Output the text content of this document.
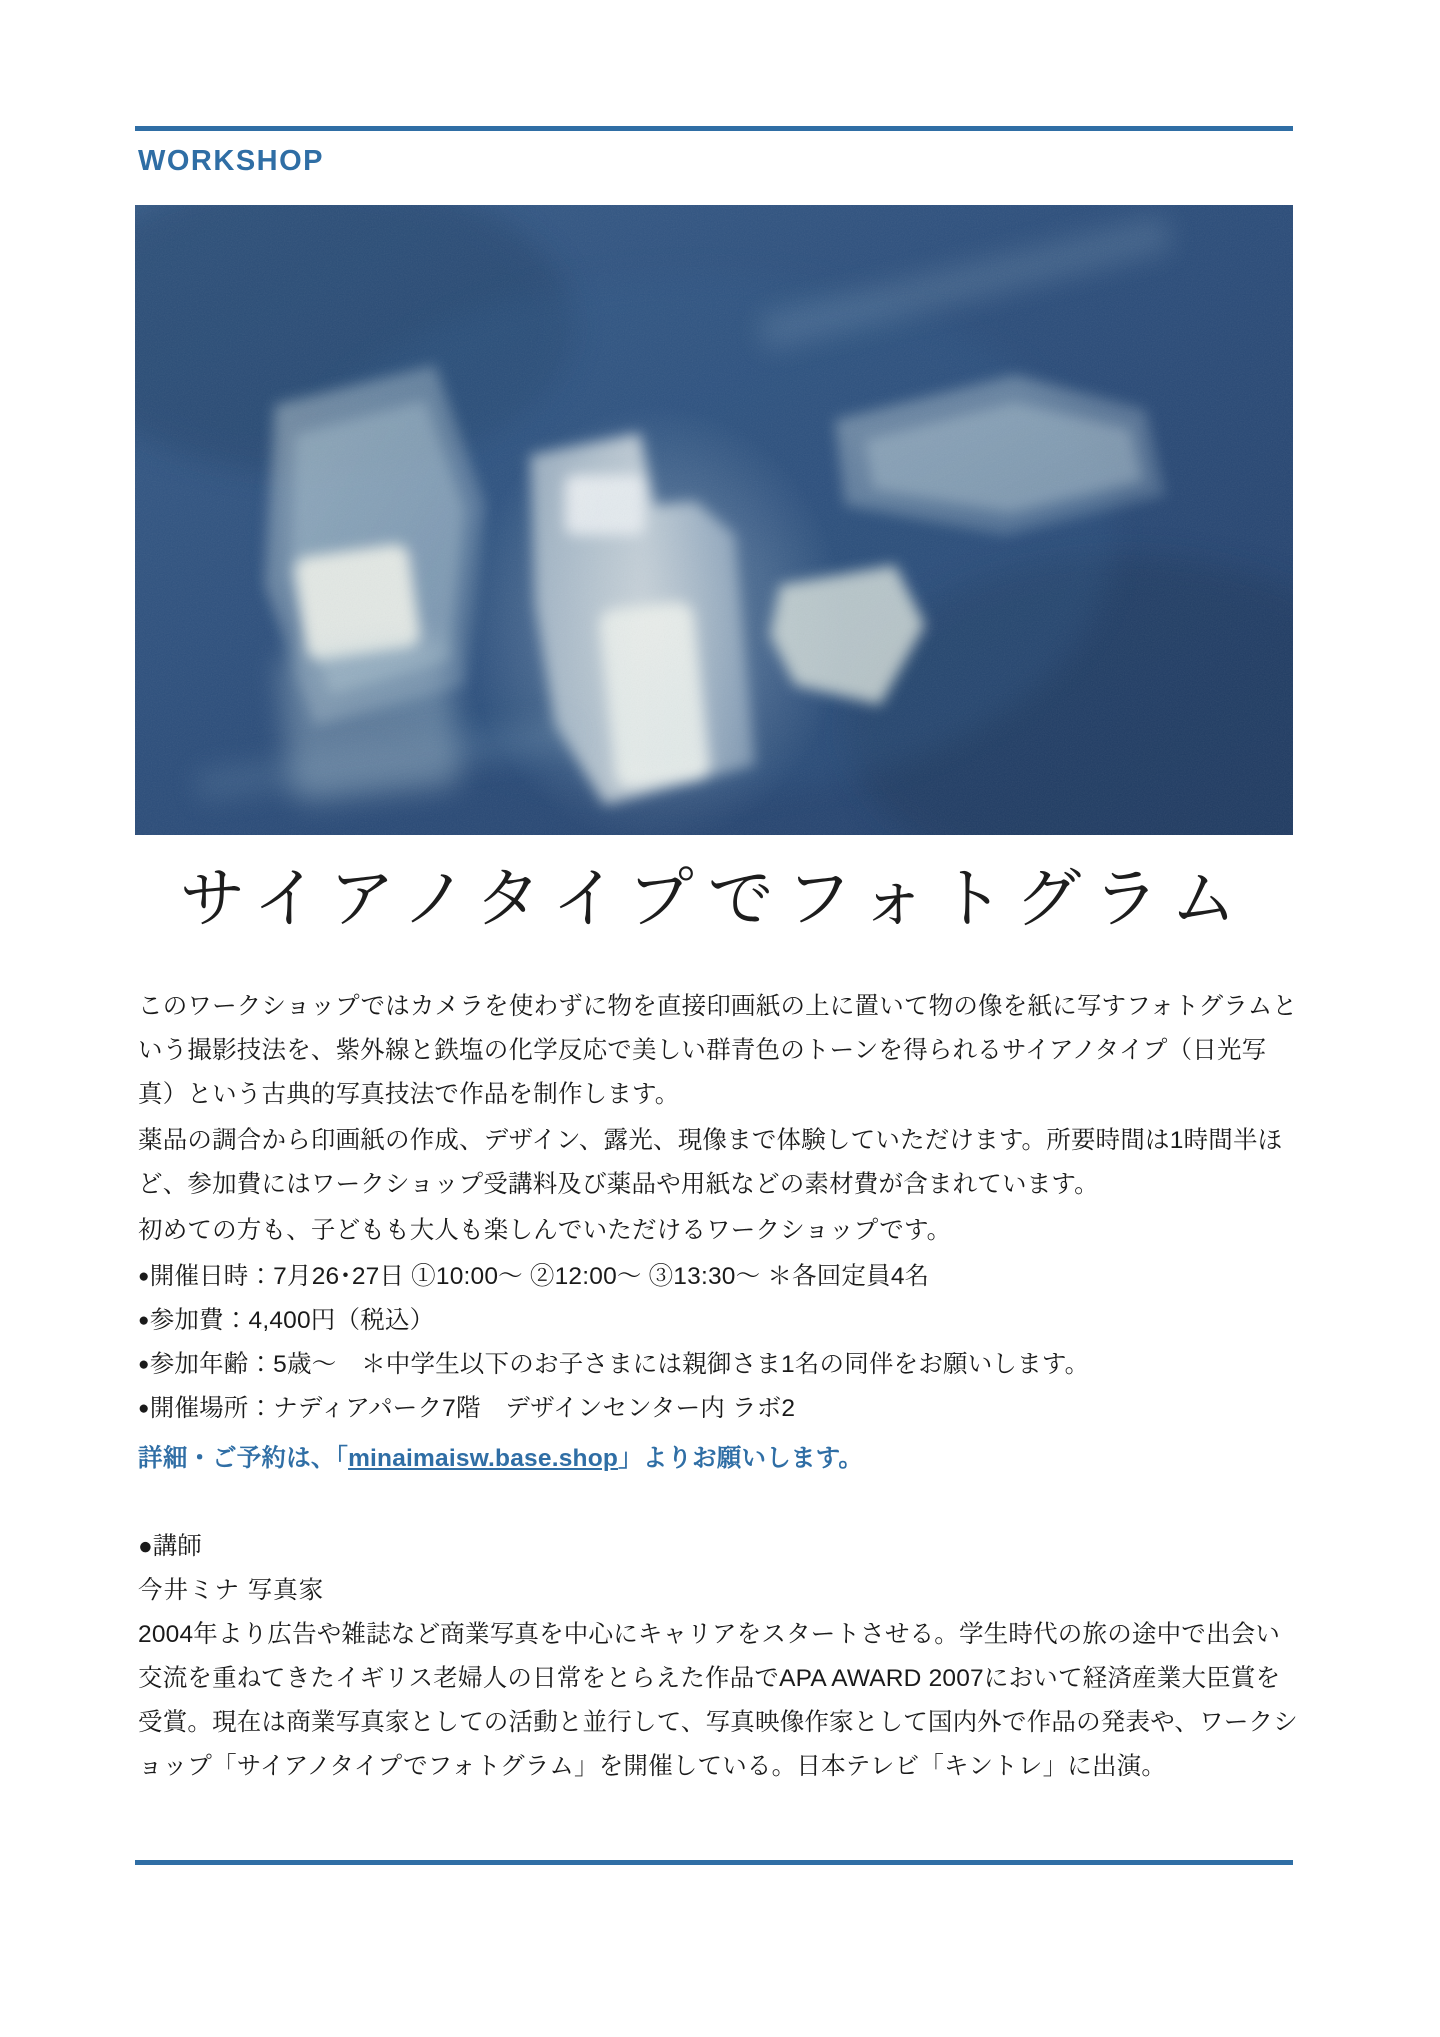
WORKSHOP
サイアノタイプでフォトグラム

このワークショップではカメラを使わずに物を直接印画紙の上に置いて物の像を紙に写すフォトグラムという撮影技法を、紫外線と鉄塩の化学反応で美しい群青色のトーンを得られるサイアノタイプ（日光写真）という古典的写真技法で作品を制作します。

薬品の調合から印画紙の作成、デザイン、露光、現像まで体験していただけます。所要時間は1時間半ほど、参加費にはワークショップ受講料及び薬品や用紙などの素材費が含まれています。

初めての方も、子どもも大人も楽しんでいただけるワークショップです。

●開催日時：7月26･27日 ①10:00〜 ②12:00〜 ③13:30〜 ＊各回定員4名

●参加費：4,400円（税込）

●参加年齢：5歳〜　＊中学生以下のお子さまには親御さま1名の同伴をお願いします。

●開催場所：ナディアパーク7階　デザインセンター内 ラボ2

詳細・ご予約は、「minaimaisw.base.shop」よりお願いします。

●講師

今井ミナ 写真家

2004年より広告や雑誌など商業写真を中心にキャリアをスタートさせる。学生時代の旅の途中で出会い交流を重ねてきたイギリス老婦人の日常をとらえた作品でAPA AWARD 2007において経済産業大臣賞を受賞。現在は商業写真家としての活動と並行して、写真映像作家として国内外で作品の発表や、ワークショップ「サイアノタイプでフォトグラム」を開催している。日本テレビ「キントレ」に出演。
